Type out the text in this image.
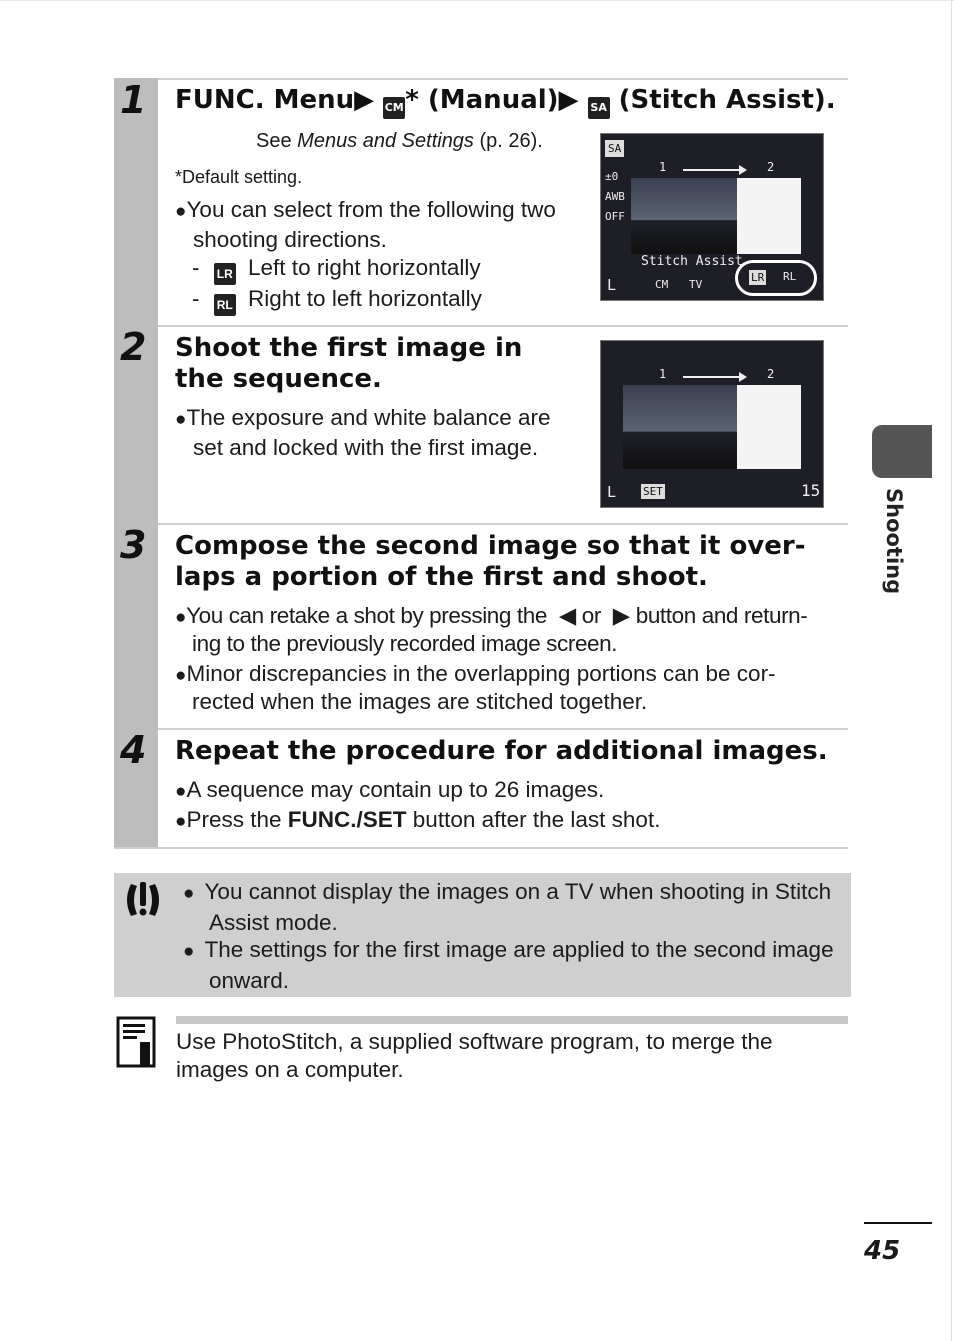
1 FUNC. Menu▶ CM* (Manual)▶ SA (Stitch Assist).
See Menus and Settings (p. 26).
*Default setting.
●You can select from the following two shooting directions.
- LR Left to right horizontally
- RL Right to left horizontally
SA
1	2
±0
AWB
OFF
Stitch Assist
L	CM TV
LR RL
2 Shoot the first image in
the sequence.
●The exposure and white balance are set and locked with the first image.
1	2
L SET	15
3 Compose the second image so that it over-
laps a portion of the first and shoot.
●You can retake a shot by pressing the ◀ or ▶ button and return-
ing to the previously recorded image screen.
●Minor discrepancies in the overlapping portions can be cor-
rected when the images are stitched together.
4 Repeat the procedure for additional images.
●A sequence may contain up to 26 images.
●Press the FUNC./SET button after the last shot.
● You cannot display the images on a TV when shooting in Stitch Assist mode.
● The settings for the first image are applied to the second image onward.
Use PhotoStitch, a supplied software program, to merge the
images on a computer.
Shooting
45
